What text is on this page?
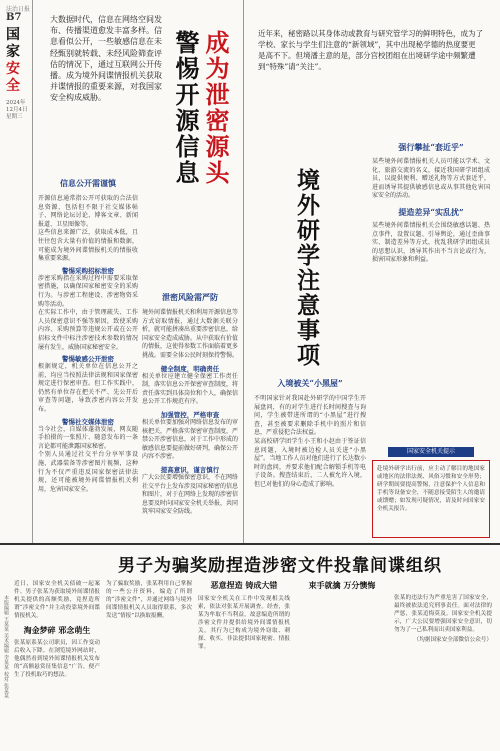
法治日报
B7
国家
安全
2024年
12月4日
星期三
大数据时代，信息在网络空间发布、传播渠道愈发丰富多样。信息看似公开，一些敏感信息在未经甄别就转载、未经风险筛查评估的情况下，通过互联网公开传播。成为境外间谍情报机关获取并谍情报的重要来源，对我国家安全构成威胁。	成为泄密源头警惕开源信息	近年来，秘密路以其身体动或教育与研究管学习的鲜明特色，成为了学校、家长与学生们注意的“新领域”，其中出现秘学德的热度要更是高不下。但境潘主意的是，部分宫校团组在出境研学途中频繁遭到“特殊”请“关注”。
境外研学注意事项
信息公开需谨慎
开源信息通常指公开可获取的合法信息资源，包括但不限于社交媒体帖子、网络论坛讨论、博客文章、新闻报道、卫星图像等。
这些信息来源广泛，获取成本低，且往往包含大量有价值的情报和数据，可能成为境外间谍情报机关的情报收集重要来源。
警惕采购招标泄密
涉密采购指在采购过程中需要采取保密措施，以确保国家秘密安全的采购行为。与涉密工程建设、涉密物资采购等活动。
在实际工作中，由于管理疏失、工作人员保密意识不强等原因，致使采购内容、采购预算等违规公开或在公开招标文件中标注涉密技术参数的情况屡有发生，威胁国家秘密安全。
警惕敏感公开泄密
根据规定，机关单位在信息公开之前，均应当按照法律法规和国家保密规定进行保密审查。但工作实践中，仍然有单位存在把关不严、先公开后审查等问题，导致涉密内容公开发布。
警惕社交媒体泄密
当今社会，自媒体蓬勃发展，网友随手拍摄的一张照片、随意发布的一条言论都可能泄露国家秘密。
个别人员通过社交平台分享军事设施、武器装备等涉密图片视频，这种行为不仅严重违反国家保密法律法规，还可能被境外间谍情报机关利用，危害国家安全。
泄密风险需严防
境外间谍情报机关和利用开源信息等方式窃取情报，通过大数据关联分析，就可能拼凑出重要涉密信息，给国家安全造成威胁。从中获取有价值的情报，这使得参数工作面临着更多挑战。需要全体公民时刻保持警惕。
健全制度，明确责任
相关单位应建立健全保密工作责任制，落实信息公开保密审查制度，将责任落实到具体岗位和个人，确保信息公开工作规范有序。
加强管控，严格审查
相关单位要加强对网络信息发布的审核把关，严格落实保密审查制度，严禁公开涉密信息，对于工作中形成的敏感信息要提前做好研判，确保公开内容不涉密。
提高意识，谨言慎行
广大公民要增强保密意识，不在网络社交平台上发布涉及国家秘密的信息和图片，对于在网络上发现的涉密信息要及时向国家安全机关举报，共同筑牢国家安全防线。
入境被关“小黑屋”
不明国家针对我国赴外研学的中国学生开展盘问，有的对学生进行长时间搜查与询问，学生被带进所谓的“小黑屋”进行搜查，甚至被要求删除手机中的照片和信息，严重侵犯合法权益。
某高校研学团学生小王和小赵由于签证信息问题，入境时被边检人员关进“小黑屋”。当地工作人员对他们进行了长达数小时的盘问，并要求他们配合解锁手机等电子设备。搜查结束后，二人被允许入境，但已对他们的身心造成了影响。
强行攀扯“套近乎”
某些境外间谍情报机关人员可能以学术、文化、旅游交流的名义，接近我国研学团组成员，以提供便利、赠送礼物等方式套近乎，进而诱导其提供敏感信息或从事其他危害国家安全的活动。
提造差异“实乱扰”
某些境外间谍情报机关会围绕敏感话题、热点事件，设置议题、引导舆论，通过歪曲事实、制造差异等方式，扰乱我研学团组成员的思想认识，诱导其作出不当言论或行为，损害国家形象和利益。
国家安全机关提示
赴境外研学出行前，应主动了解目的地国家或地区的法律法规、风俗习惯和安全形势；研学期间要提高警惕，注意保护个人信息和手机等设备安全，不随意接受陌生人的邀请或馈赠；如发现可疑情况，请及时向国家安全机关报告。
男子为骗奖励捏造涉密文件投靠间谍组织
本版编辑 王某某 美术编辑 李某某 校对 张某某
近日，国家安全机关侦破一起案件。男子张某为获取境外间谍情报机关提供的高额奖励，竟捏造所谓“涉密文件”并主动投靠境外间谍情报机关。
淘金梦碎 邪念萌生
张某原系某公司职员，因工作变动后收入下降。在浏览境外网站时，他偶然看到境外间谍情报机关发布的“高额悬赏征集信息”广告，便产生了投机取巧的想法。
为了骗取奖励，张某利用自己掌握的一些公开资料，编造了所谓的“涉密文件”，并通过网络与境外间谍情报机关人员取得联系，多次发送“情报”以换取报酬。
恶意捏造 铸成大错
国家安全机关在工作中发现相关线索，依法对张某开展调查。经查，张某为牟取不当利益，故意编造所谓的涉密文件并提供给境外间谍情报机关，其行为已构成为境外窃取、刺探、收买、非法提供国家秘密、情报罪。
束手就擒 万分懊悔
张某的违法行为严重危害了国家安全，最终被依法追究刑事责任。面对法律的严惩，张某追悔莫及。国家安全机关提示，广大公民要增强国家安全意识，切勿为了一己私利而出卖国家利益。
（均据国家安全部微信公众号）
